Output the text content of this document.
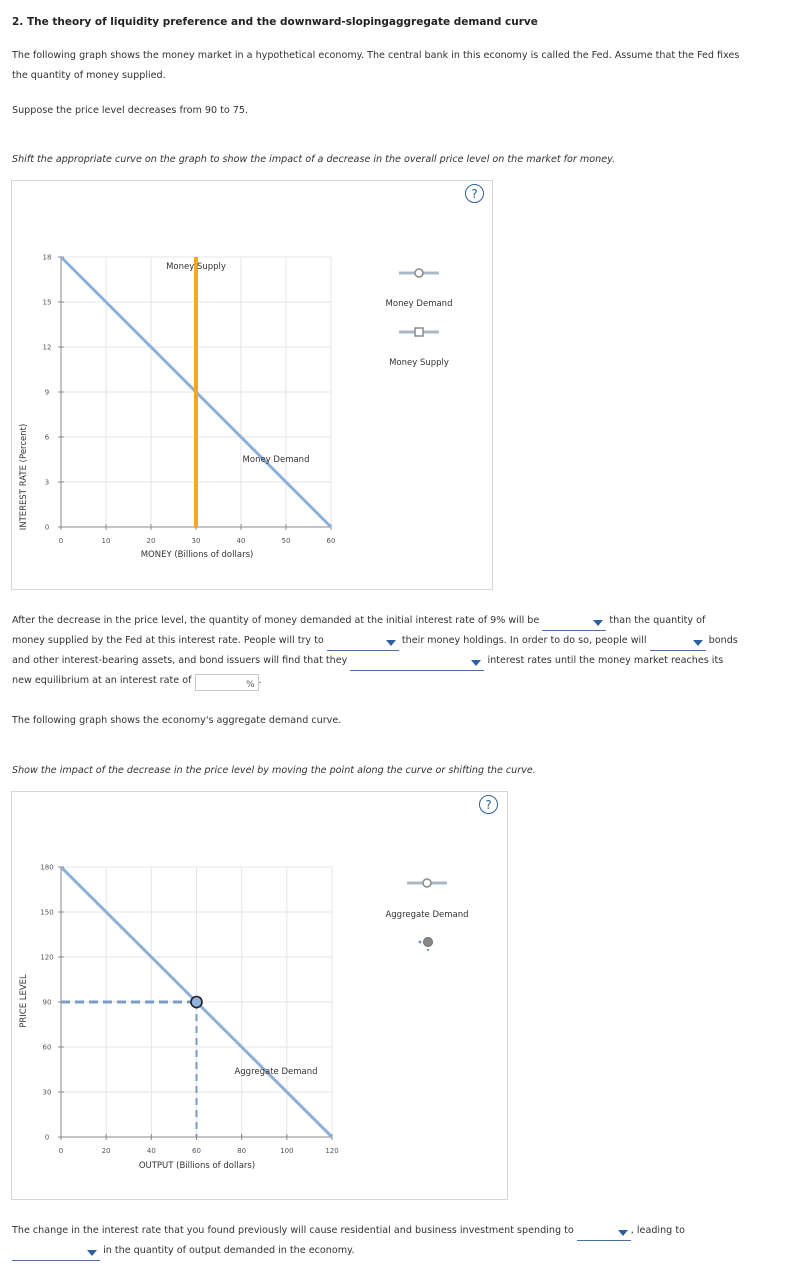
2. The theory of liquidity preference and the downward-slopingaggregate demand curve
The following graph shows the money market in a hypothetical economy. The central bank in this economy is called the Fed. Assume that the Fed fixes
the quantity of money supplied.
Suppose the price level decreases from 90 to 75.
Shift the appropriate curve on the graph to show the impact of a decrease in the overall price level on the market for money.
?
0	10	20	30	40	50	60
0
3
6
9
12
15
18
INTEREST RATE (Percent)
MONEY (Billions of dollars)
Money Supply
Money Demand
Money Demand
Money Supply
After the decrease in the price level, the quantity of money demanded at the initial interest rate of 9% will be	than the quantity of
money supplied by the Fed at this interest rate. People will try to	their money holdings. In order to do so, people will	bonds
and other interest-bearing assets, and bond issuers will find that they	interest rates until the money market reaches its
new equilibrium at an interest rate of	% .
The following graph shows the economy's aggregate demand curve.
Show the impact of the decrease in the price level by moving the point along the curve or shifting the curve.
?
0	20	40	60	80	100	120
0
30
60
90
120
150
180
PRICE LEVEL
OUTPUT (Billions of dollars)
Aggregate Demand
Aggregate Demand
The change in the interest rate that you found previously will cause residential and business investment spending to	, leading to
in the quantity of output demanded in the economy.
